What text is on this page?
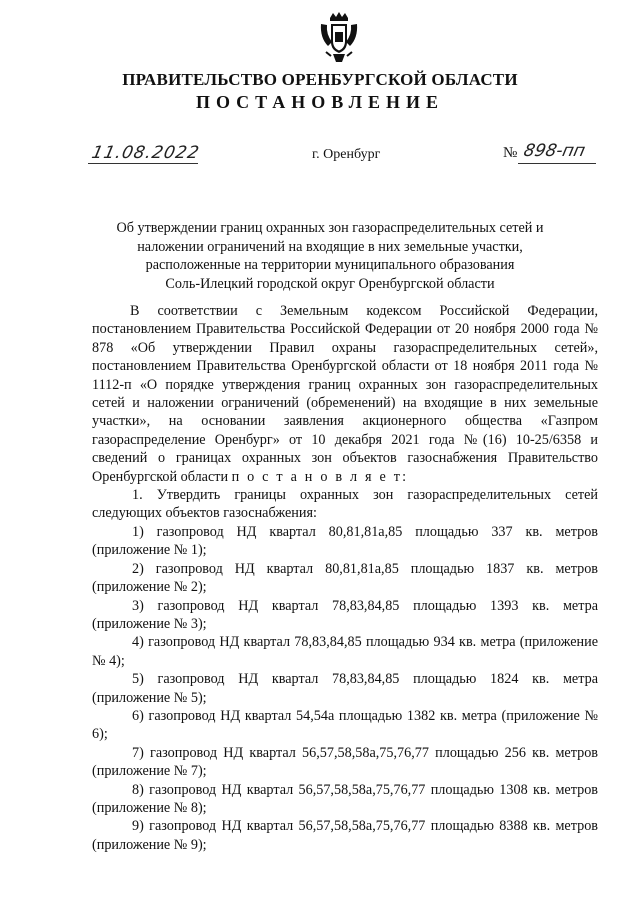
ПРАВИТЕЛЬСТВО ОРЕНБУРГСКОЙ ОБЛАСТИ
ПОСТАНОВЛЕНИЕ
11.08.2022	г. Оренбург	№ 898-пп
Об утверждении границ охранных зон газораспределительных сетей и
наложении ограничений на входящие в них земельные участки,
расположенные на территории муниципального образования
Соль-Илецкий городской округ Оренбургской области

В соответствии с Земельным кодексом Российской Федерации, постановлением Правительства Российской Федерации от 20 ноября 2000 года № 878 «Об утверждении Правил охраны газораспределительных сетей», постановлением Правительства Оренбургской области от 18 ноября 2011 года № 1112-п «О порядке утверждения границ охранных зон газораспределительных сетей и наложении ограничений (обременений) на входящие в них земельные участки», на основании заявления акционерного общества «Газпром газораспределение Оренбург» от 10 декабря 2021 года №(16) 10-25/6358 и сведений о границах охранных зон объектов газоснабжения Правительство Оренбургской области п о с т а н о в л я е т:

1. Утвердить границы охранных зон газораспределительных сетей следующих объектов газоснабжения:

1) газопровод НД квартал 80,81,81а,85 площадью 337 кв. метров (приложение № 1);

2) газопровод НД квартал 80,81,81а,85 площадью 1837 кв. метров (приложение № 2);

3) газопровод НД квартал 78,83,84,85 площадью 1393 кв. метра (приложение № 3);

4) газопровод НД квартал 78,83,84,85 площадью 934 кв. метра (приложение № 4);

5) газопровод НД квартал 78,83,84,85 площадью 1824 кв. метра (приложение № 5);

6) газопровод НД квартал 54,54а площадью 1382 кв. метра (приложение № 6);

7) газопровод НД квартал 56,57,58,58а,75,76,77 площадью 256 кв. метров (приложение № 7);

8) газопровод НД квартал 56,57,58,58а,75,76,77 площадью 1308 кв. метров (приложение № 8);

9) газопровод НД квартал 56,57,58,58а,75,76,77 площадью 8388 кв. метров (приложение № 9);
